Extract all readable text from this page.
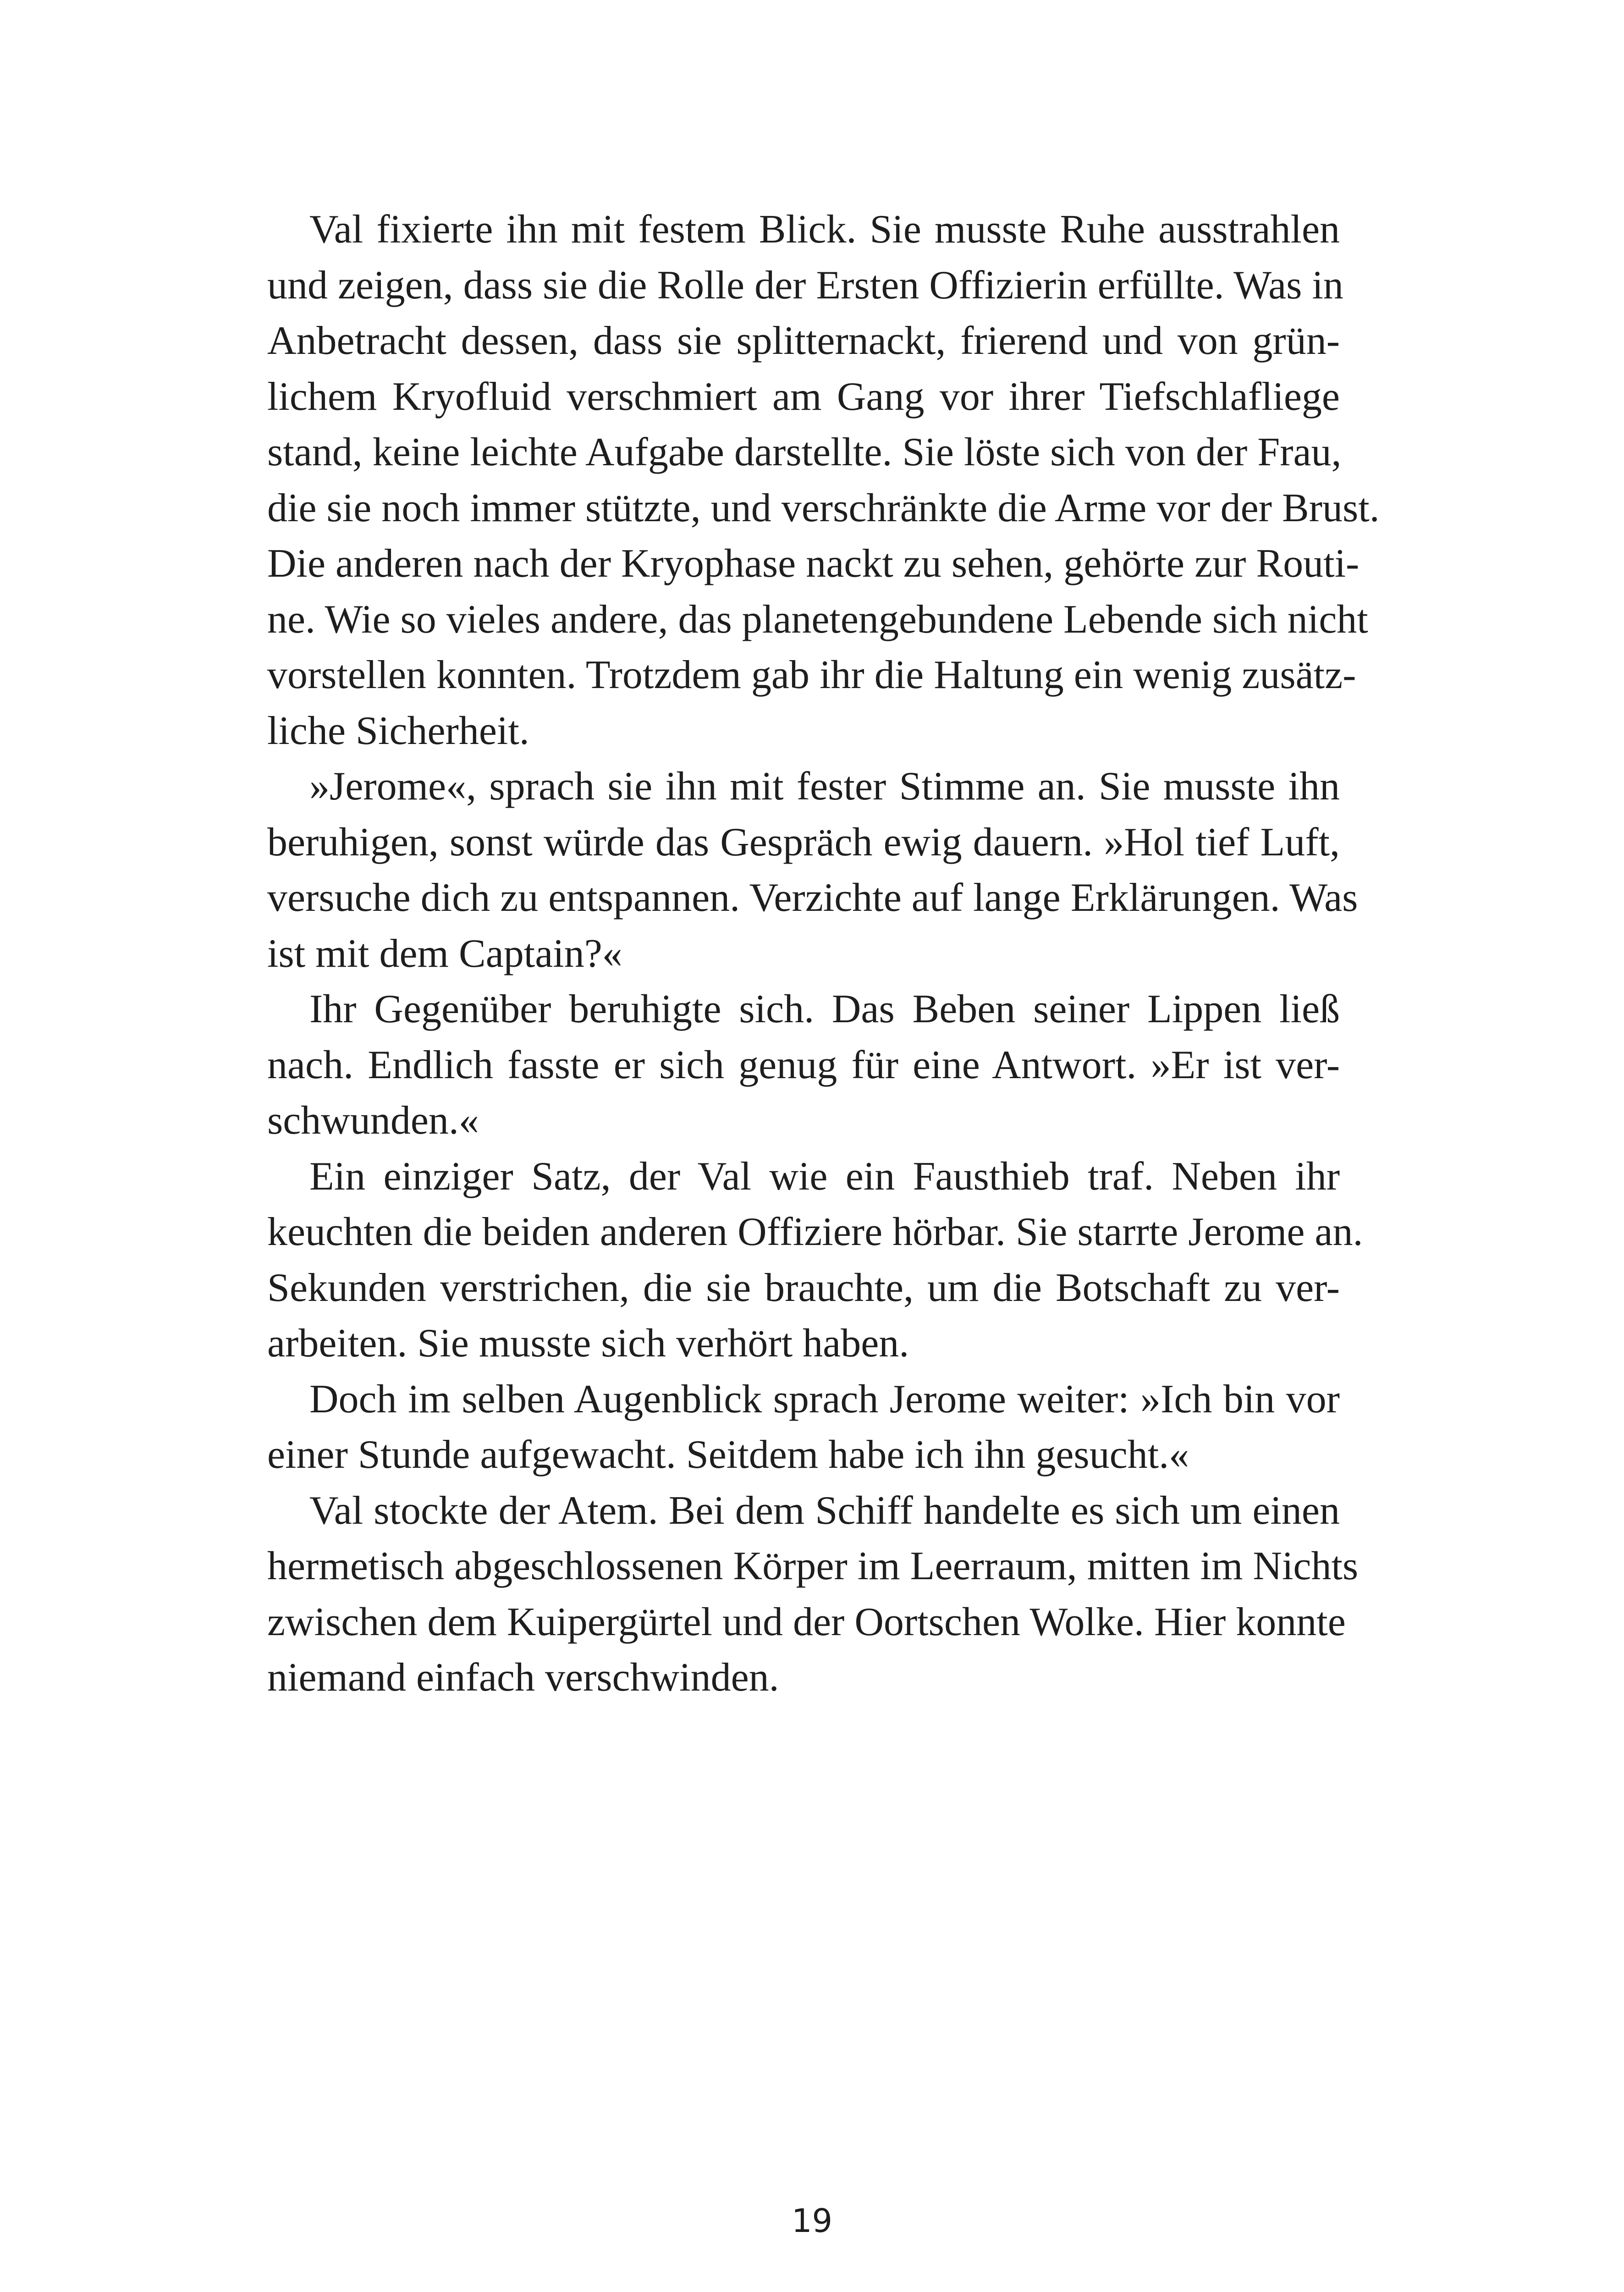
Val fixierte ihn mit festem Blick. Sie musste Ruhe ausstrahlen
und zeigen, dass sie die Rolle der Ersten Offizierin erfüllte. Was in
Anbetracht dessen, dass sie splitternackt, frierend und von grün-
lichem Kryofluid verschmiert am Gang vor ihrer Tiefschlafliege
stand, keine leichte Aufgabe darstellte. Sie löste sich von der Frau,
die sie noch immer stützte, und verschränkte die Arme vor der Brust.
Die anderen nach der Kryophase nackt zu sehen, gehörte zur Routi-
ne. Wie so vieles andere, das planetengebundene Lebende sich nicht
vorstellen konnten. Trotzdem gab ihr die Haltung ein wenig zusätz-
liche Sicherheit.
»Jerome«, sprach sie ihn mit fester Stimme an. Sie musste ihn
beruhigen, sonst würde das Gespräch ewig dauern. »Hol tief Luft,
versuche dich zu entspannen. Verzichte auf lange Erklärungen. Was
ist mit dem Captain?«
Ihr Gegenüber beruhigte sich. Das Beben seiner Lippen ließ
nach. Endlich fasste er sich genug für eine Antwort. »Er ist ver-
schwunden.«
Ein einziger Satz, der Val wie ein Fausthieb traf. Neben ihr
keuchten die beiden anderen Offiziere hörbar. Sie starrte Jerome an.
Sekunden verstrichen, die sie brauchte, um die Botschaft zu ver-
arbeiten. Sie musste sich verhört haben.
Doch im selben Augenblick sprach Jerome weiter: »Ich bin vor
einer Stunde aufgewacht. Seitdem habe ich ihn gesucht.«
Val stockte der Atem. Bei dem Schiff handelte es sich um einen
hermetisch abgeschlossenen Körper im Leerraum, mitten im Nichts
zwischen dem Kuipergürtel und der Oortschen Wolke. Hier konnte
niemand einfach verschwinden.
19
